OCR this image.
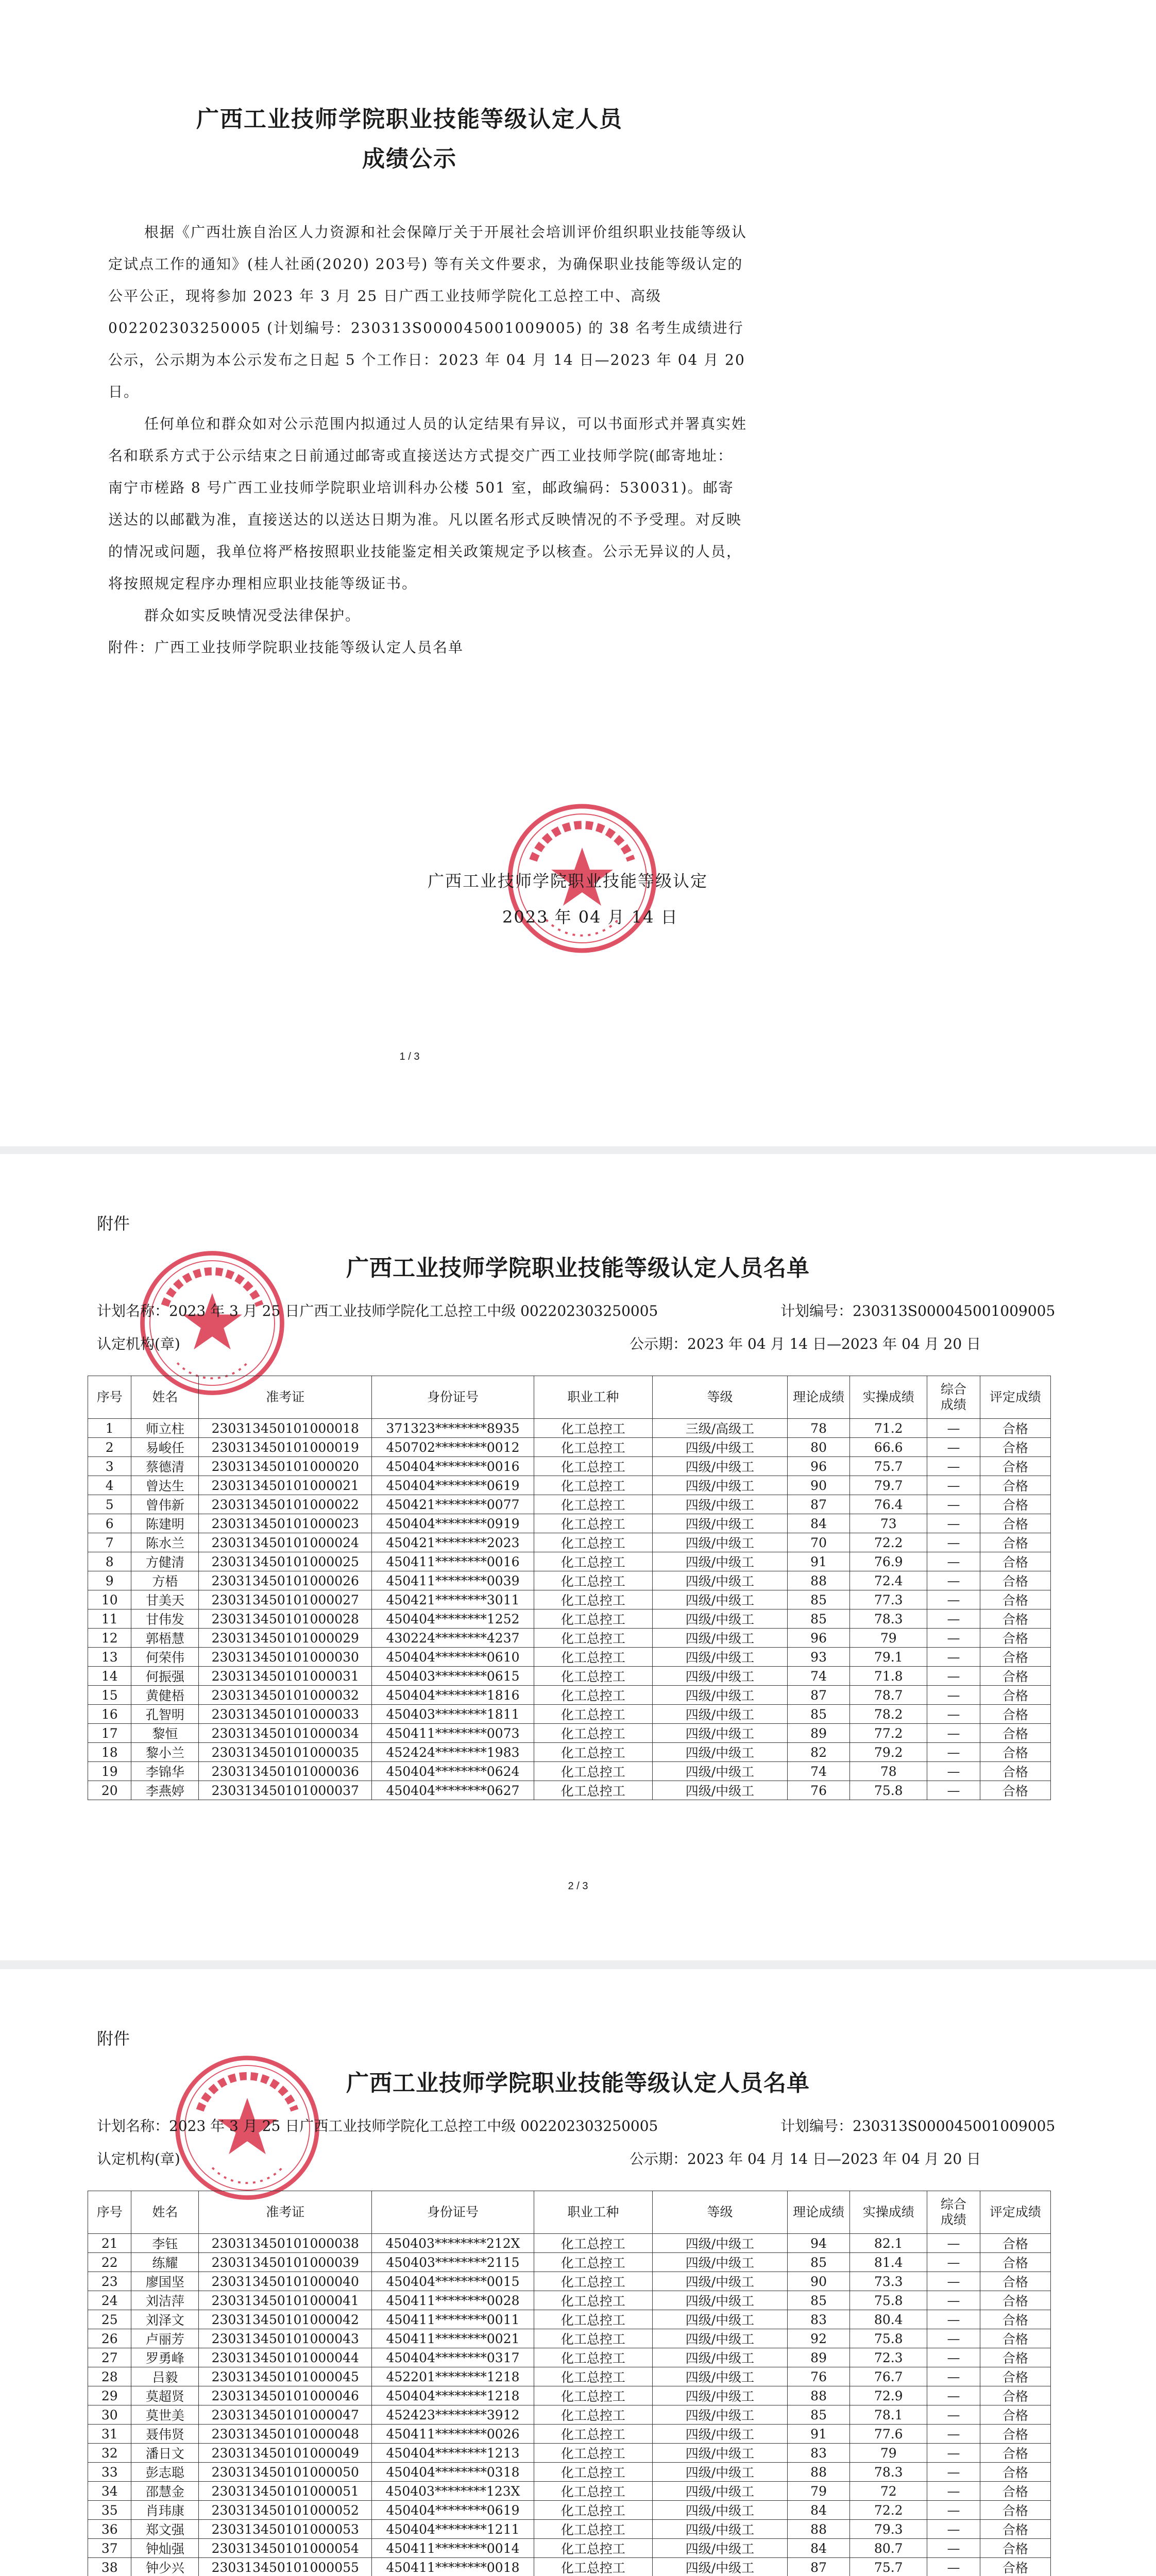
广西工业技师学院职业技能等级认定人员
成绩公示

根据《广西壮族自治区人力资源和社会保障厅关于开展社会培训评价组织职业技能等级认定试点工作的通知》(桂人社函(2020) 203号) 等有关文件要求，为确保职业技能等级认定的公平公正，现将参加 2023 年 3 月 25 日广西工业技师学院化工总控工中、高级 002202303250005 (计划编号：230313S000045001009005) 的 38 名考生成绩进行公示，公示期为本公示发布之日起 5 个工作日：2023 年 04 月 14 日—2023 年 04 月 20 日。

任何单位和群众如对公示范围内拟通过人员的认定结果有异议，可以书面形式并署真实姓名和联系方式于公示结束之日前通过邮寄或直接送达方式提交广西工业技师学院(邮寄地址：南宁市槎路 8 号广西工业技师学院职业培训科办公楼 501 室，邮政编码：530031)。邮寄送达的以邮戳为准，直接送达的以送达日期为准。凡以匿名形式反映情况的不予受理。对反映的情况或问题，我单位将严格按照职业技能鉴定相关政策规定予以核查。公示无异议的人员，将按照规定程序办理相应职业技能等级证书。

群众如实反映情况受法律保护。

附件：广西工业技师学院职业技能等级认定人员名单

广西工业技师学院职业技能等级认定
2023 年 04 月 14 日
1 / 3
附件
广西工业技师学院职业技能等级认定人员名单
计划名称：2023 年 3 月 25 日广西工业技师学院化工总控工中级 002202303250005	计划编号：230313S000045001009005
认定机构(章)	公示期：2023 年 04 月 14 日—2023 年 04 月 20 日
序号	姓名	准考证	身份证号	职业工种	等级	理论成绩	实操成绩	综合成绩	评定成绩
1	师立柱	230313450101000018	371323********8935	化工总控工	三级/高级工	78	71.2	—	合格
2	易峻任	230313450101000019	450702********0012	化工总控工	四级/中级工	80	66.6	—	合格
3	蔡德清	230313450101000020	450404********0016	化工总控工	四级/中级工	96	75.7	—	合格
4	曾达生	230313450101000021	450404********0619	化工总控工	四级/中级工	90	79.7	—	合格
5	曾伟新	230313450101000022	450421********0077	化工总控工	四级/中级工	87	76.4	—	合格
6	陈建明	230313450101000023	450404********0919	化工总控工	四级/中级工	84	73	—	合格
7	陈水兰	230313450101000024	450421********2023	化工总控工	四级/中级工	70	72.2	—	合格
8	方健清	230313450101000025	450411********0016	化工总控工	四级/中级工	91	76.9	—	合格
9	方梧	230313450101000026	450411********0039	化工总控工	四级/中级工	88	72.4	—	合格
10	甘美天	230313450101000027	450421********3011	化工总控工	四级/中级工	85	77.3	—	合格
11	甘伟发	230313450101000028	450404********1252	化工总控工	四级/中级工	85	78.3	—	合格
12	郭梧慧	230313450101000029	430224********4237	化工总控工	四级/中级工	96	79	—	合格
13	何荣伟	230313450101000030	450404********0610	化工总控工	四级/中级工	93	79.1	—	合格
14	何振强	230313450101000031	450403********0615	化工总控工	四级/中级工	74	71.8	—	合格
15	黄健梧	230313450101000032	450404********1816	化工总控工	四级/中级工	87	78.7	—	合格
16	孔智明	230313450101000033	450403********1811	化工总控工	四级/中级工	85	78.2	—	合格
17	黎恒	230313450101000034	450411********0073	化工总控工	四级/中级工	89	77.2	—	合格
18	黎小兰	230313450101000035	452424********1983	化工总控工	四级/中级工	82	79.2	—	合格
19	李锦华	230313450101000036	450404********0624	化工总控工	四级/中级工	74	78	—	合格
20	李燕婷	230313450101000037	450404********0627	化工总控工	四级/中级工	76	75.8	—	合格
2 / 3
附件
广西工业技师学院职业技能等级认定人员名单
计划名称：2023 年 3 月 25 日广西工业技师学院化工总控工中级 002202303250005	计划编号：230313S000045001009005
认定机构(章)	公示期：2023 年 04 月 14 日—2023 年 04 月 20 日
序号	姓名	准考证	身份证号	职业工种	等级	理论成绩	实操成绩	综合成绩	评定成绩
21	李钰	230313450101000038	450403********212X	化工总控工	四级/中级工	94	82.1	—	合格
22	练耀	230313450101000039	450403********2115	化工总控工	四级/中级工	85	81.4	—	合格
23	廖国坚	230313450101000040	450404********0015	化工总控工	四级/中级工	90	73.3	—	合格
24	刘洁萍	230313450101000041	450411********0028	化工总控工	四级/中级工	85	75.8	—	合格
25	刘泽文	230313450101000042	450411********0011	化工总控工	四级/中级工	83	80.4	—	合格
26	卢丽芳	230313450101000043	450411********0021	化工总控工	四级/中级工	92	75.8	—	合格
27	罗勇峰	230313450101000044	450404********0317	化工总控工	四级/中级工	89	72.3	—	合格
28	吕毅	230313450101000045	452201********1218	化工总控工	四级/中级工	76	76.7	—	合格
29	莫超贤	230313450101000046	450404********1218	化工总控工	四级/中级工	88	72.9	—	合格
30	莫世美	230313450101000047	452423********3912	化工总控工	四级/中级工	85	78.1	—	合格
31	聂伟贤	230313450101000048	450411********0026	化工总控工	四级/中级工	91	77.6	—	合格
32	潘日文	230313450101000049	450404********1213	化工总控工	四级/中级工	83	79	—	合格
33	彭志聪	230313450101000050	450404********0318	化工总控工	四级/中级工	88	78.3	—	合格
34	邵慧金	230313450101000051	450403********123X	化工总控工	四级/中级工	79	72	—	合格
35	肖玮康	230313450101000052	450404********0619	化工总控工	四级/中级工	84	72.2	—	合格
36	郑文强	230313450101000053	450404********1211	化工总控工	四级/中级工	88	79.3	—	合格
37	钟灿强	230313450101000054	450411********0014	化工总控工	四级/中级工	84	80.7	—	合格
38	钟少兴	230313450101000055	450411********0018	化工总控工	四级/中级工	87	75.7	—	合格
